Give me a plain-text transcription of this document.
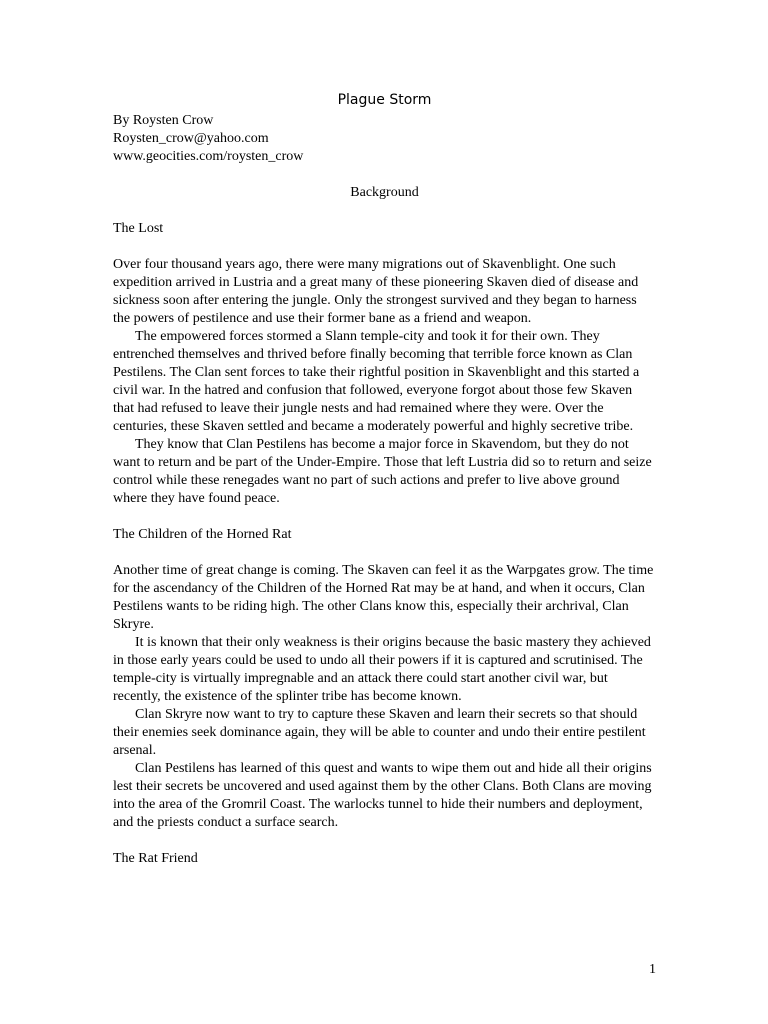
Plague Storm

By Roysten Crow

Roysten_crow@yahoo.com

www.geocities.com/roysten_crow

Background

The Lost

Over four thousand years ago, there were many migrations out of Skavenblight. One such expedition arrived in Lustria and a great many of these pioneering Skaven died of disease and sickness soon after entering the jungle. Only the strongest survived and they began to harness the powers of pestilence and use their former bane as a friend and weapon.

The empowered forces stormed a Slann temple-city and took it for their own. They entrenched themselves and thrived before finally becoming that terrible force known as Clan Pestilens. The Clan sent forces to take their rightful position in Skavenblight and this started a civil war. In the hatred and confusion that followed, everyone forgot about those few Skaven that had refused to leave their jungle nests and had remained where they were. Over the centuries, these Skaven settled and became a moderately powerful and highly secretive tribe.

They know that Clan Pestilens has become a major force in Skavendom, but they do not want to return and be part of the Under-Empire. Those that left Lustria did so to return and seize control while these renegades want no part of such actions and prefer to live above ground where they have found peace.

The Children of the Horned Rat

Another time of great change is coming. The Skaven can feel it as the Warpgates grow. The time for the ascendancy of the Children of the Horned Rat may be at hand, and when it occurs, Clan Pestilens wants to be riding high. The other Clans know this, especially their archrival, Clan Skryre.

It is known that their only weakness is their origins because the basic mastery they achieved in those early years could be used to undo all their powers if it is captured and scrutinised. The temple-city is virtually impregnable and an attack there could start another civil war, but recently, the existence of the splinter tribe has become known.

Clan Skryre now want to try to capture these Skaven and learn their secrets so that should their enemies seek dominance again, they will be able to counter and undo their entire pestilent arsenal.

Clan Pestilens has learned of this quest and wants to wipe them out and hide all their origins lest their secrets be uncovered and used against them by the other Clans. Both Clans are moving into the area of the Gromril Coast. The warlocks tunnel to hide their numbers and deployment, and the priests conduct a surface search.

The Rat Friend

1
